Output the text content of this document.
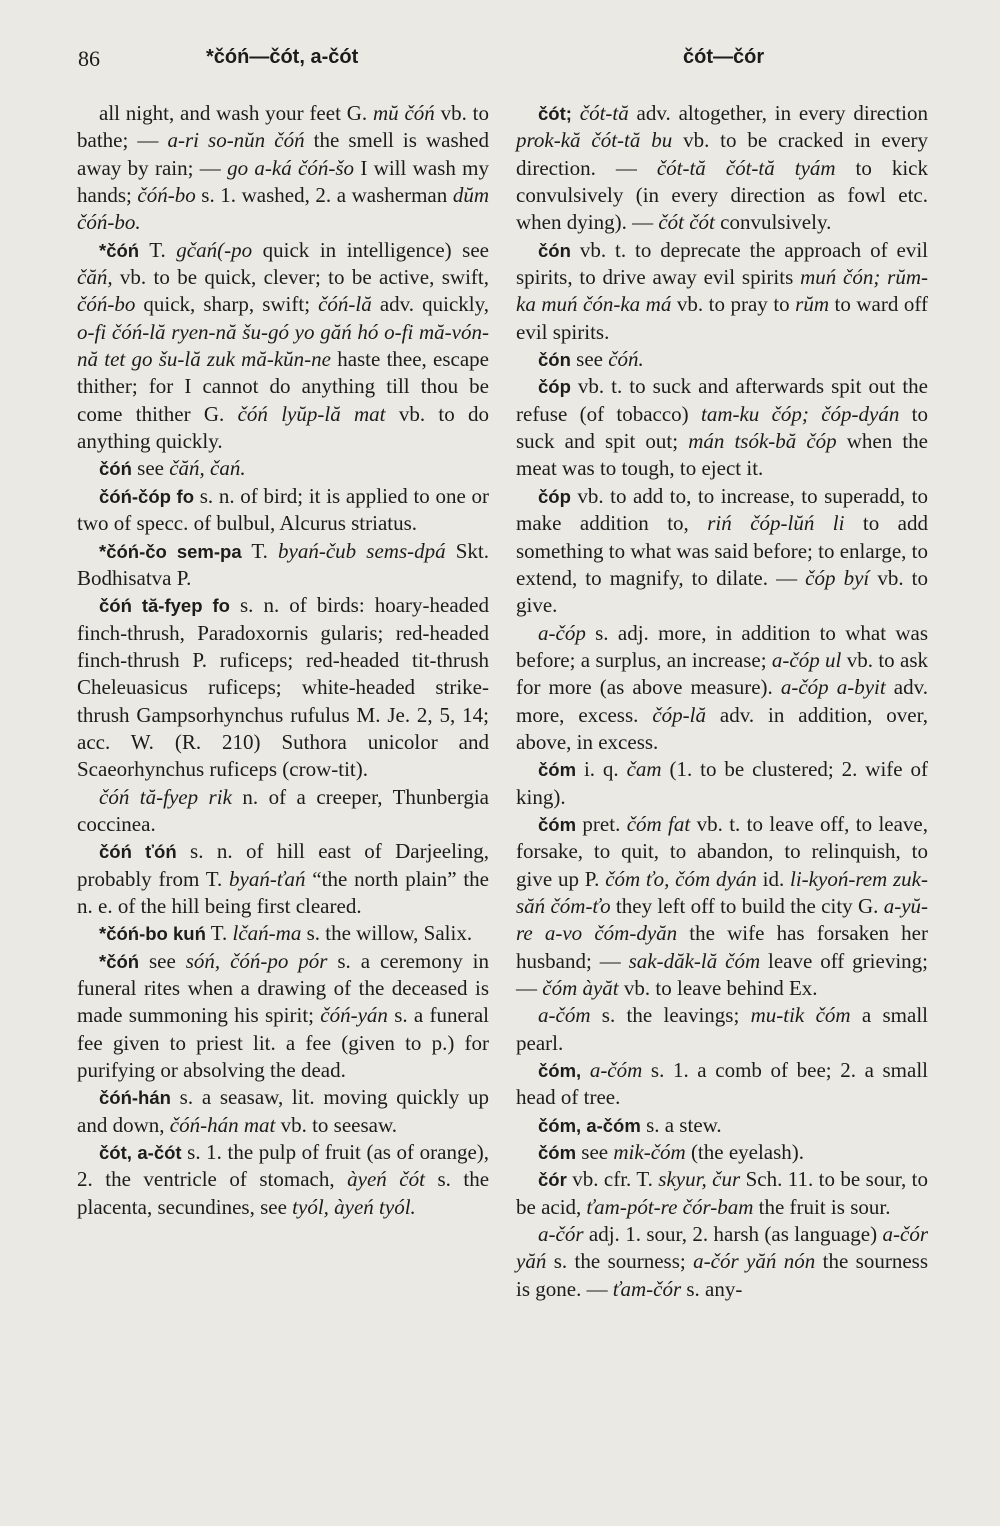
86	*čóń—čót, a-čót	čót—čór

all night, and wash your feet G. mŭ čóń vb. to bathe; — a-ri so-nŭn čóń the smell is washed away by rain; — go a-ká čóń-šo I will wash my hands; čóń-bo s. 1. washed, 2. a washerman dŭm čóń-bo.

*čóń T. gčań(-po quick in intelligence) see čăń, vb. to be quick, clever; to be active, swift, čóń-bo quick, sharp, swift; čóń-lă adv. quickly, o-fi čóń-lă ryen-nă šu-gó yo găń hó o-fi mă-vón-nă tet go šu-lă zuk mă-kŭn-ne haste thee, escape thither; for I cannot do anything till thou be come thither G. čóń lyŭp-lă mat vb. to do anything quickly.

čóń see čăń, čań.

čóń-čóp fo s. n. of bird; it is applied to one or two of specc. of bulbul, Alcurus striatus.

*čóń-čo sem-pa T. byań-čub sems-dpá Skt. Bodhisatva P.

čóń tă-fyep fo s. n. of birds: hoary-headed finch-thrush, Paradoxornis gularis; red-headed finch-thrush P. ruficeps; red-headed tit-thrush Cheleuasicus ruficeps; white-headed strike-thrush Gampsorhynchus rufulus M. Je. 2, 5, 14; acc. W. (R. 210) Suthora unicolor and Scaeorhynchus ruficeps (crow-tit).

čóń tă-fyep rik n. of a creeper, Thunbergia coccinea.

čóń ťóń s. n. of hill east of Darjeeling, probably from T. byań-ťań “the north plain” the n. e. of the hill being first cleared.

*čóń-bo kuń T. lčań-ma s. the willow, Salix.

*čóń see sóń, čóń-po pór s. a ceremony in funeral rites when a drawing of the deceased is made summoning his spirit; čóń-yán s. a funeral fee given to priest lit. a fee (given to p.) for purifying or absolving the dead.

čóń-hán s. a seasaw, lit. moving quickly up and down, čóń-hán mat vb. to seesaw.

čót, a-čót s. 1. the pulp of fruit (as of orange), 2. the ventricle of stomach, àyeń čót s. the placenta, secundines, see tyól, àyeń tyól.

čót; čót-tă adv. altogether, in every direction prok-kă čót-tă bu vb. to be cracked in every direction. — čót-tă čót-tă tyám to kick convulsively (in every direction as fowl etc. when dying). — čót čót convulsively.

čón vb. t. to deprecate the approach of evil spirits, to drive away evil spirits muń čón; rŭm-ka muń čón-ka má vb. to pray to rŭm to ward off evil spirits.

čón see čóń.

čóp vb. t. to suck and afterwards spit out the refuse (of tobacco) tam-ku čóp; čóp-dyán to suck and spit out; mán tsók-bă čóp when the meat was to tough, to eject it.

čóp vb. to add to, to increase, to superadd, to make addition to, riń čóp-lŭń li to add something to what was said before; to enlarge, to extend, to magnify, to dilate. — čóp byí vb. to give.

a-čóp s. adj. more, in addition to what was before; a surplus, an increase; a-čóp ul vb. to ask for more (as above measure). a-čóp a-byit adv. more, excess. čóp-lă adv. in addition, over, above, in excess.

čóm i. q. čam (1. to be clustered; 2. wife of king).

čóm pret. čóm fat vb. t. to leave off, to leave, forsake, to quit, to abandon, to relinquish, to give up P. čóm ťo, čóm dyán id. li-kyoń-rem zuk-săń čóm-ťo they left off to build the city G. a-yŭ-re a-vo čóm-dyăn the wife has forsaken her husband; — sak-dăk-lă čóm leave off grieving; — čóm àyăt vb. to leave behind Ex.

a-čóm s. the leavings; mu-tik čóm a small pearl.

čóm, a-čóm s. 1. a comb of bee; 2. a small head of tree.

čóm, a-čóm s. a stew.

čóm see mik-čóm (the eyelash).

čór vb. cfr. T. skyur, čur Sch. 11. to be sour, to be acid, ťam-pót-re čór-bam the fruit is sour.

a-čór adj. 1. sour, 2. harsh (as language) a-čór yăń s. the sourness; a-čór yăń nón the sourness is gone. — ťam-čór s. any-
